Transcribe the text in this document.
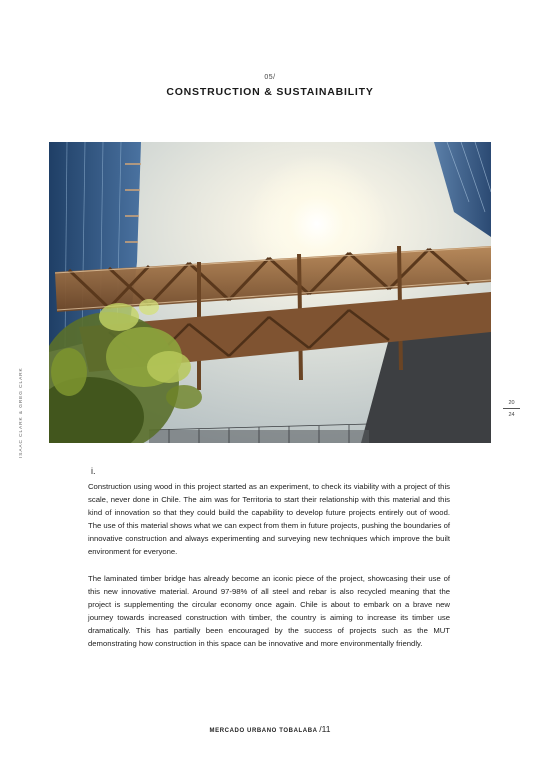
05/
CONSTRUCTION & SUSTAINABILITY
ISAAC CLARK & GREG CLARK	20
24
i.

Construction using wood in this project started as an experiment, to check its viability with a project of this scale, never done in Chile. The aim was for Territoria to start their relationship with this material and this kind of innovation so that they could build the capability to develop future projects entirely out of wood. The use of this material shows what we can expect from them in future projects, pushing the boundaries of innovative construction and always experimenting and surveying new techniques which improve the built environment for everyone.

The laminated timber bridge has already become an iconic piece of the project, showcasing their use of this new innovative material. Around 97-98% of all steel and rebar is also recycled meaning that the project is supplementing the circular economy once again. Chile is about to embark on a brave new journey towards increased construction with timber, the country is aiming to increase its timber use dramatically. This has partially been encouraged by the success of projects such as the MUT demonstrating how construction in this space can be innovative and more environmentally friendly.

MERCADO URBANO TOBALABA /11
